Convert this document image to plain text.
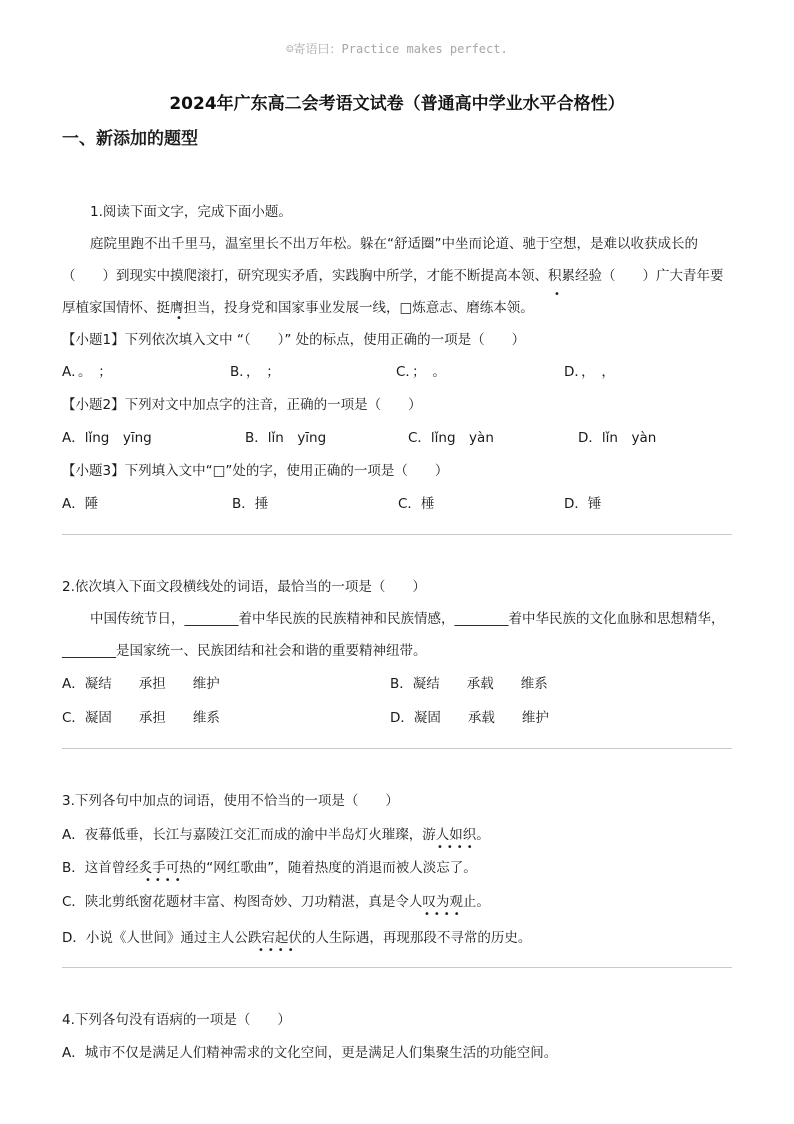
☺寄语曰：Practice makes perfect.
2024年广东高二会考语文试卷（普通高中学业水平合格性）
一、新添加的题型
1.阅读下面文字，完成下面小题。
庭院里跑不出千里马，温室里长不出万年松。躲在“舒适圈”中坐而论道、驰于空想，是难以收获成长的
（　　）到现实中摸爬滚打，研究现实矛盾，实践胸中所学，才能不断提高本领、积累经验（　　）广大青年要
厚植家国情怀、挺膺担当，投身党和国家事业发展一线，□炼意志、磨练本领。
•
•
【小题1】下列依次填入文中 “（　　）” 处的标点，使用正确的一项是（　　）
A．。　；	B．，　；	C．；　。	D．，　，
【小题2】下列对文中加点字的注音，正确的一项是（　　）
A．lǐng　yīng	B．lǐn　yīng	C．lǐng　yàn	D．lǐn　yàn
【小题3】下列填入文中“□”处的字，使用正确的一项是（　　）
A．陲	B．捶	C．棰	D．锤
2.依次填入下面文段横线处的词语，最恰当的一项是（　　）
中国传统节日，________着中华民族的民族精神和民族情感，________着中华民族的文化血脉和思想精华，
________是国家统一、民族团结和社会和谐的重要精神纽带。
A．凝结　　承担　　维护	B．凝结　　承载　　维系
C．凝固　　承担　　维系	D．凝固　　承载　　维护
3.下列各句中加点的词语，使用不恰当的一项是（　　）
A．夜幕低垂，长江与嘉陵江交汇而成的渝中半岛灯火璀璨，游人如织。
••••
B．这首曾经炙手可热的“网红歌曲”，随着热度的消退而被人淡忘了。
••••
C．陕北剪纸窗花题材丰富、构图奇妙、刀功精湛，真是令人叹为观止。
••••
D．小说《人世间》通过主人公跌宕起伏的人生际遇，再现那段不寻常的历史。
••••
4.下列各句没有语病的一项是（　　）
A．城市不仅是满足人们精神需求的文化空间，更是满足人们集聚生活的功能空间。
